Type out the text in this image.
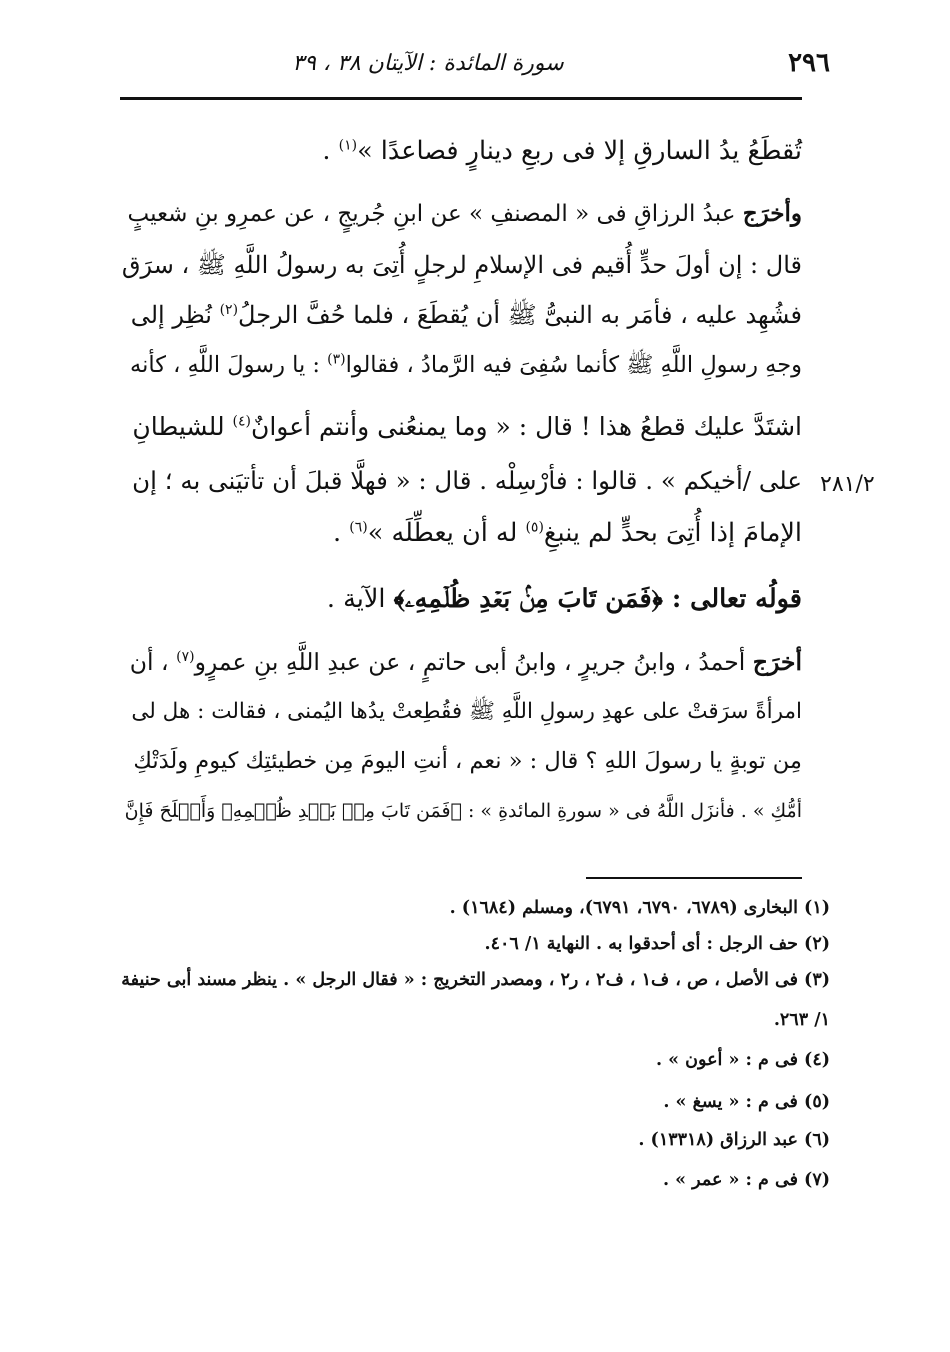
٢٩٦
سورة المائدة : الآيتان ٣٨ ، ٣٩
٢٨١/٢
تُقطَعُ يدُ السارقِ إلا فى ربعِ دينارٍ فصاعدًا »$^{(١)}$ .
وأخرَج عبدُ الرزاقِ فى « المصنفِ » عن ابنِ جُريجٍ ، عن عمرِو بنِ شعيبٍ
قال : إن أولَ حدٍّ أُقيم فى الإسلامِ لرجلٍ أُتِىَ به رسولُ اللَّهِ ﷺ ، سرَق
فشُهِد عليه ، فأمَر به النبىُّ ﷺ أن يُقطَعَ ، فلما حُفَّ الرجلُ$^{(٢)}$ نُظِر إلى
وجهِ رسولِ اللَّهِ ﷺ كأنما سُفِىَ فيه الرَّمادُ ، فقالوا$^{(٣)}$ : يا رسولَ اللَّهِ ، كأنه
اشتَدَّ عليك قطعُ هذا ! قال : « وما يمنعُنى وأنتم أعوانٌ$^{(٤)}$ للشيطانِ
على /أخيكم » . قالوا : فأرْسِلْه . قال : « فهلَّا قبلَ أن تأتيَنى به ؛ إن
الإمامَ إذا أُتِىَ بحدٍّ لم ينبغِ$^{(٥)}$ له أن يعطِّلَه »$^{(٦)}$ .
قولُه تعالى : ﴿فَمَن تَابَ مِنۢ بَعۡدِ ظُلۡمِهِۦ﴾ الآية .
أخرَج أحمدُ ، وابنُ جريرٍ ، وابنُ أبى حاتمٍ ، عن عبدِ اللَّهِ بنِ عمرٍو$^{(٧)}$ ، أن
امرأةً سرَقتْ على عهدِ رسولِ اللَّهِ ﷺ فقُطِعتْ يدُها اليُمنى ، فقالت : هل لى
مِن توبةٍ يا رسولَ اللهِ ؟ قال : « نعم ، أنتِ اليومَ مِن خطيئتِك كيومِ ولَدَتْكِ
أمُّكِ » . فأنزَل اللَّهُ فى « سورةِ المائدةِ » : ﴿فَمَن تَابَ مِنۢ بَعۡدِ ظُلۡمِهِۦ وَأَصۡلَحَ فَإِنَّ
(١) البخارى (٦٧٨٩، ٦٧٩٠، ٦٧٩١)، ومسلم (١٦٨٤) .
(٢) حف الرجل : أى أحدقوا به . النهاية ١/ ٤٠٦.
(٣) فى الأصل ، ص ، ف١ ، ف٢ ، ر٢ ، ومصدر التخريج : « فقال الرجل » . ينظر مسند أبى حنيفة
١/ ٢٦٣.
(٤) فى م : « أعون » .
(٥) فى م : « يسغ » .
(٦) عبد الرزاق (١٣٣١٨) .
(٧) فى م : « عمر » .
